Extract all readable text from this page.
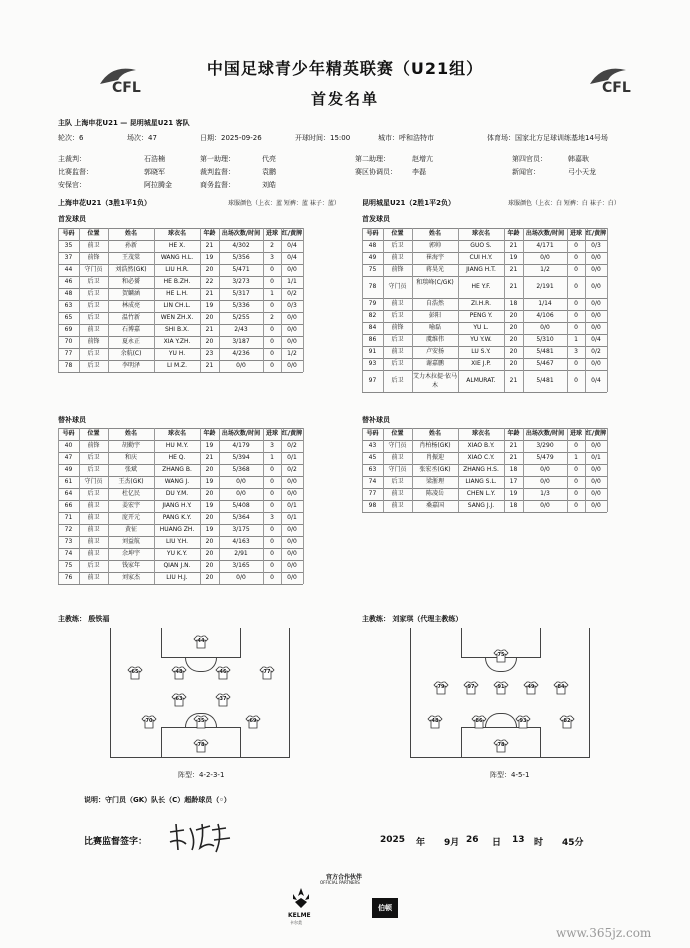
CFL	CFL
中国足球青少年精英联赛（U21组）
首发名单
主队 上海申花U21 — 昆明城星U21 客队
轮次：6	场次：47	日期：2025-09-26	开球时间：15:00	城市：呼和浩特市	体育场：国家北方足球训练基地14号场
上海申花U21（3胜1平1负）	球服颜色（上衣：蓝 短裤：蓝 袜子：蓝）	昆明城星U21（2胜1平2负）	球服颜色（上衣：白 短裤：白 袜子：白）
首发球员	首发球员
替补球员	替补球员
主教练： 殷铁福	主教练： 刘家琪（代理主教练）
44
65	48	46	77
63	37
70	35	69
78	78
48	86	93	82
79	97	91	49	84
75
阵型：4-2-3-1	阵型：4-5-1
说明：守门员（GK）队长（C）超龄球员（◦）
比赛监督签字：
官方合作伙伴
OFFICIAL PARTNERS
KELME
卡尔美
伯顿
www.365jz.com
主裁判：	石浩楠	第一助理：	代亮	第二助理：	赵增亢	第四官员：	韩嘉耿
比赛监督：	郭晓军	裁判监督：	袁鹏	赛区协调员： 李磊	新闻官：	弓小天龙
安保官：	阿拉腾金	商务监督：	刘皓
号码	位置	姓名	球衣名	年龄	出场次数/时间 进球 红/黄牌
35	前卫	孙新	HE X.	21	4/302	2	0/4
37	前锋	王茂棠	WANG H.L.	19	5/356	3	0/4
44	守门员	刘浩然(GK)	LIU H.R.	20	5/471	0	0/0
46	后卫	和必赟	HE B.ZH.	22	3/273	0	1/1
48	后卫	贺麟涵	HE L.H.	21	5/317	1	0/2
63	后卫	林成亮	LIN CH.L.	19	5/336	0	0/3
65	后卫	温竹新	WEN ZH.X.	20	5/255	2	0/0
69	前卫	石博嘉	SHI B.X.	21	2/43	0	0/0
70	前锋	夏永正	XIA Y.ZH.	20	3/187	0	0/0
77	后卫	余航(C)	YU H.	23	4/236	0	1/2
78	后卫	李明泽	LI M.Z.	21	0/0	0	0/0
号码	位置	姓名	球衣名	年龄	出场次数/时间 进球 红/黄牌
48	后卫	郭帅	GUO S.	21	4/171	0	0/3
49	前卫	崔海宇	CUI H.Y.	19	0/0	0	0/0
75	前锋	蒋昊光	JIANG H.T.	21	1/2	0	0/0
78	守门员
和琰峰(C/GK)
HE Y.F.	21	2/191	0	0/0
79	前卫	自浩然	ZI.H.R.	18	1/14	0	0/0
82	后卫	彭阳	PENG Y.	20	4/106	0	0/0
84	前锋	喻磊	YU L.	20	0/0	0	0/0
86	后卫	虞维伟	YU Y.W.	20	5/310	1	0/4
91	前卫	卢安扬	LU S.Y.	20	5/481	3	0/2
93	后卫	谢嘉鹏	XIE J.P.	20	5/467	0	0/0
97	后卫
艾力木拉提·依马木
ALMURAT.	21	5/481	0	0/4
号码	位置	姓名	球衣名	年龄	出场次数/时间 进球 红/黄牌
40	前锋	胡勤宇	HU M.Y.	19	4/179	3	0/2
47	后卫	和庆	HE Q.	21	5/394	1	0/1
49	后卫	张斌	ZHANG B.	20	5/368	0	0/2
61	守门员	王杰(GK)	WANG J.	19	0/0	0	0/0
64	后卫	杜亿民	DU Y.M.	20	0/0	0	0/0
66	前卫	姜宏宇	JIANG H.Y.	19	5/408	0	0/1
71	前卫	庞开元	PANG K.Y.	20	5/364	3	0/1
72	前卫	黄征	HUANG ZH.	19	3/175	0	0/0
73	前卫	刘益航	LIU Y.H.	20	4/163	0	0/0
74	前卫	余坤宇	YU K.Y.	20	2/91	0	0/0
75	后卫	钱家年	QIAN J.N.	20	3/165	0	0/0
76	前卫	刘家杰	LIU H.J.	20	0/0	0	0/0
号码	位置	姓名	球衣名	年龄	出场次数/时间 进球 红/黄牌
43	守门员	肖柏杨(GK)	XIAO B.Y.	21	3/290	0	0/0
45	前卫	肖振迎	XIAO C.Y.	21	5/479	1	0/1
63	守门员	张宏丞(GK)	ZHANG H.S.	18	0/0	0	0/0
74	后卫	梁浙理	LIANG S.L.	17	0/0	0	0/0
77	前卫	陈凌岳	CHEN L.Y.	19	1/3	0	0/0
98	前卫	桑嘉国	SANG J.J.	18	0/0	0	0/0
2025 年 9月 26 日 13 时 45分
